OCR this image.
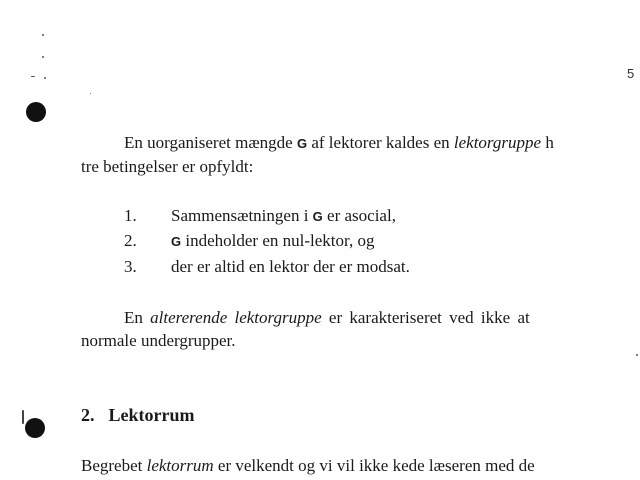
5
En uorganiseret mængde G af lektorer kaldes en lektorgruppe h
tre betingelser er opfyldt:
1. Sammensætningen i G er asocial,
2.	G indeholder en nul-lektor, og
3. der er altid en lektor der er modsat.
En altererende lektorgruppe er karakteriseret ved ikke at
normale undergrupper.
2. Lektorrum
Begrebet lektorrum er velkendt og vi vil ikke kede læseren med de
